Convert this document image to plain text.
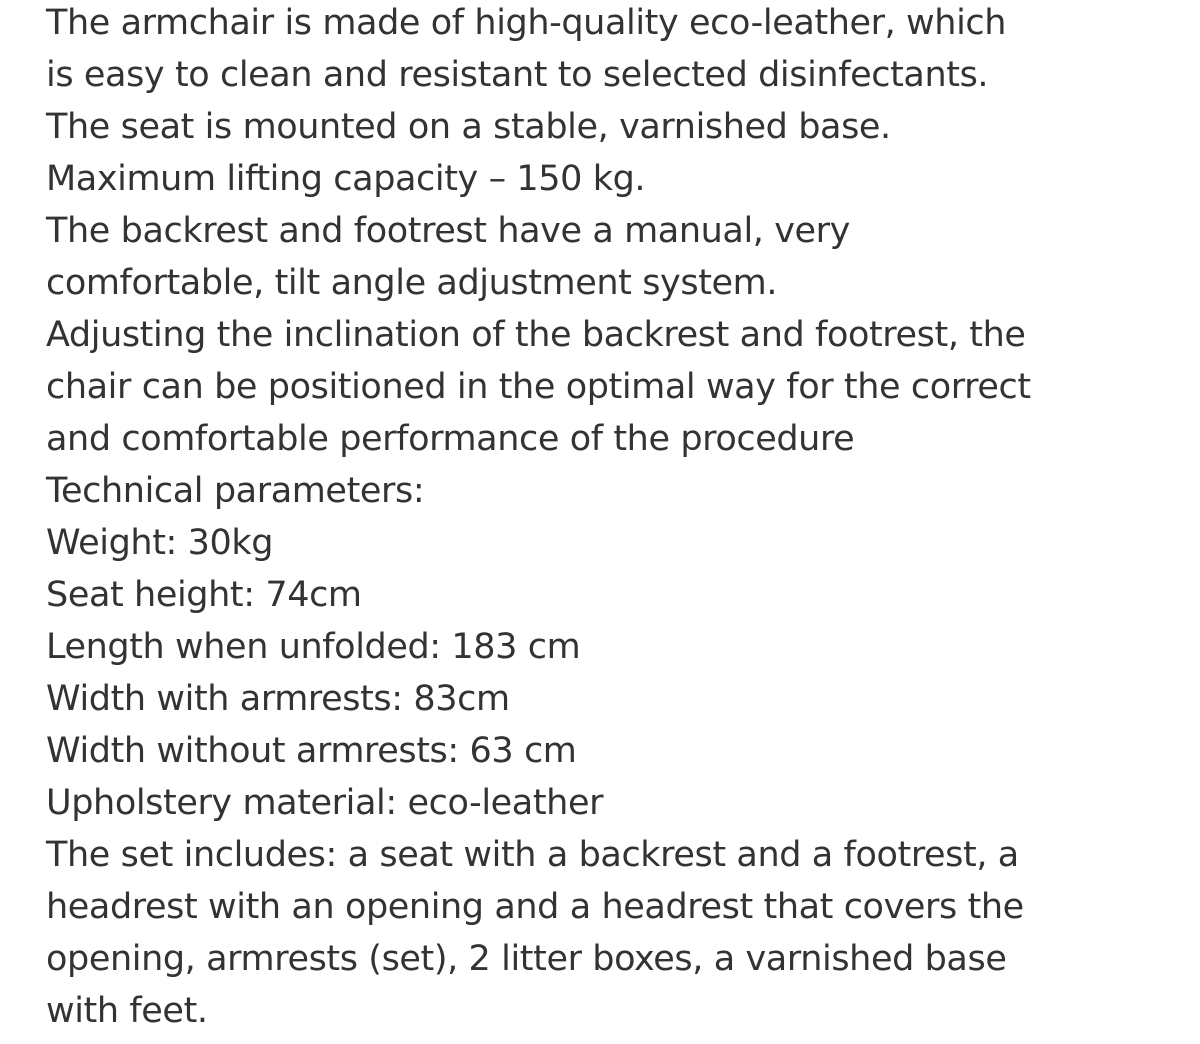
The armchair is made of high-quality eco-leather, which
is easy to clean and resistant to selected disinfectants.
The seat is mounted on a stable, varnished base.
Maximum lifting capacity – 150 kg.
The backrest and footrest have a manual, very
comfortable, tilt angle adjustment system.
Adjusting the inclination of the backrest and footrest, the
chair can be positioned in the optimal way for the correct
and comfortable performance of the procedure
Technical parameters:
Weight: 30kg
Seat height: 74cm
Length when unfolded: 183 cm
Width with armrests: 83cm
Width without armrests: 63 cm
Upholstery material: eco-leather
The set includes: a seat with a backrest and a footrest, a
headrest with an opening and a headrest that covers the
opening, armrests (set), 2 litter boxes, a varnished base
with feet.
